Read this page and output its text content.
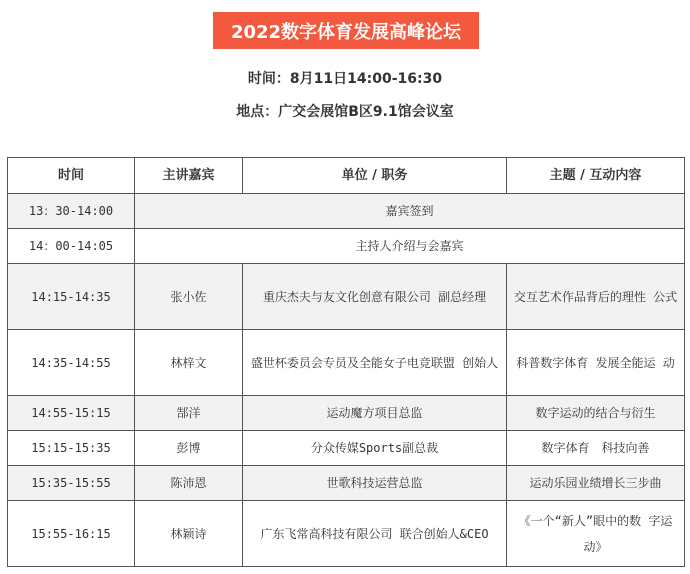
2022数字体育发展高峰论坛
时间：8月11日14:00-16:30
地点：广交会展馆B区9.1馆会议室
时间	主讲嘉宾	单位 / 职务	主题 / 互动内容
13：30-14:00	嘉宾签到		
14：00-14:05	主持人介绍与会嘉宾		
14:15-14:35	张小佐	重庆杰夫与友文化创意有限公司 副总经理	交互艺术作品背后的理性 公式
14:35-14:55	林梓文	盛世杯委员会专员及全能女子电竞联盟 创始人	科普数字体育 发展全能运 动
14:55-15:15	郜洋	运动魔方项目总监	数字运动的结合与衍生
15:15-15:35	彭博	分众传媒Sports副总裁	数字体育　科技向善
15:35-15:55	陈沛恩	世歌科技运营总监	运动乐园业绩增长三步曲
15:55-16:15	林颖诗	广东飞常高科技有限公司 联合创始人&CEO	《一个“新人”眼中的数 字运动》
